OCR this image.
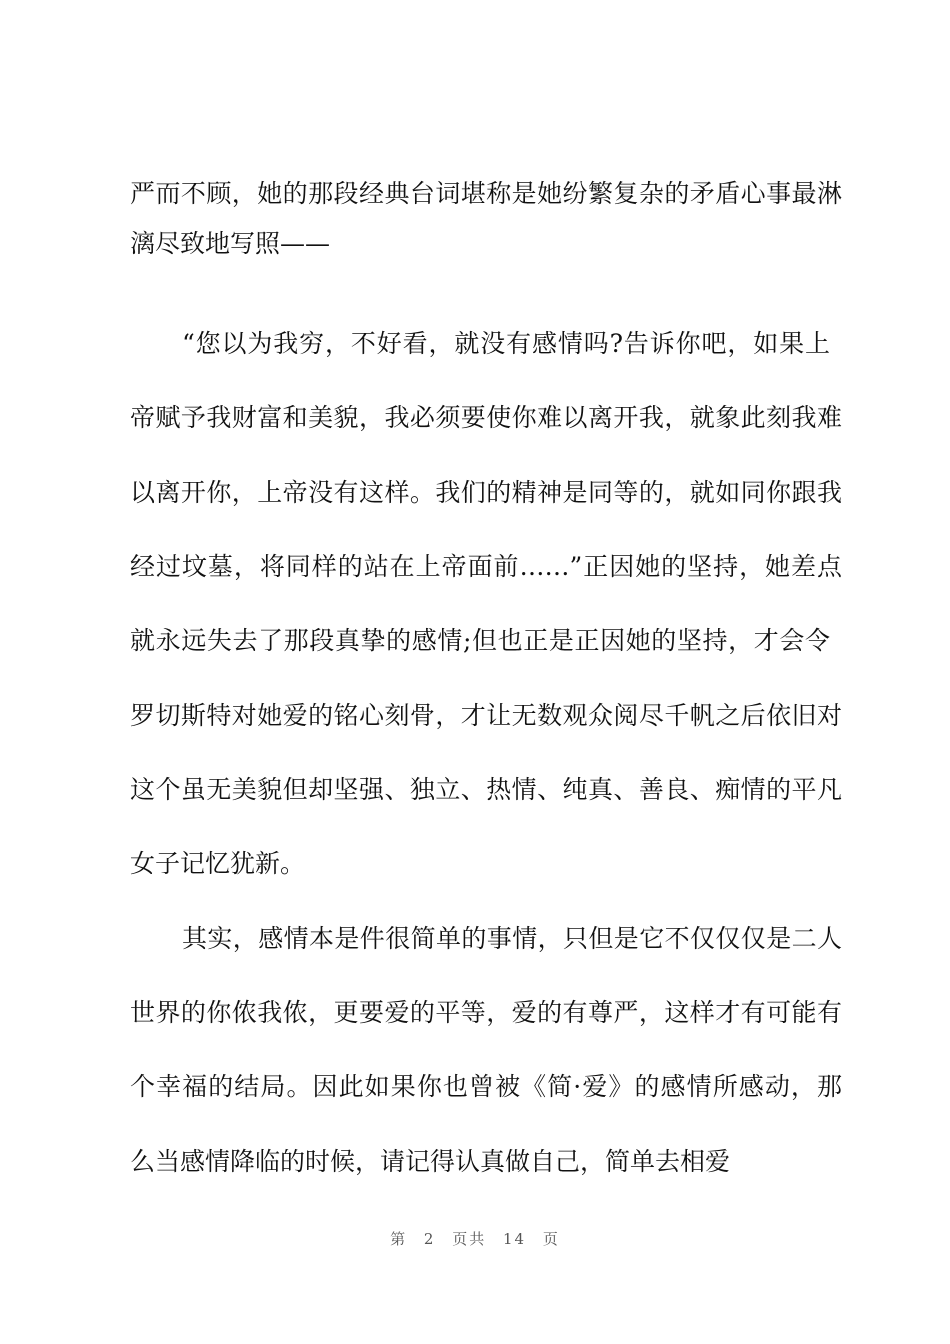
严而不顾，她的那段经典台词堪称是她纷繁复杂的矛盾心事最淋
漓尽致地写照——
“您以为我穷，不好看，就没有感情吗?告诉你吧，如果上
帝赋予我财富和美貌，我必须要使你难以离开我，就象此刻我难
以离开你，上帝没有这样。我们的精神是同等的，就如同你跟我
经过坟墓，将同样的站在上帝面前……”正因她的坚持，她差点
就永远失去了那段真挚的感情;但也正是正因她的坚持，才会令
罗切斯特对她爱的铭心刻骨，才让无数观众阅尽千帆之后依旧对
这个虽无美貌但却坚强、独立、热情、纯真、善良、痴情的平凡
女子记忆犹新。
其实，感情本是件很简单的事情，只但是它不仅仅仅是二人
世界的你侬我侬，更要爱的平等，爱的有尊严，这样才有可能有
个幸福的结局。因此如果你也曾被《简·爱》的感情所感动，那
么当感情降临的时候，请记得认真做自己，简单去相爱
第 2 页共 14 页
